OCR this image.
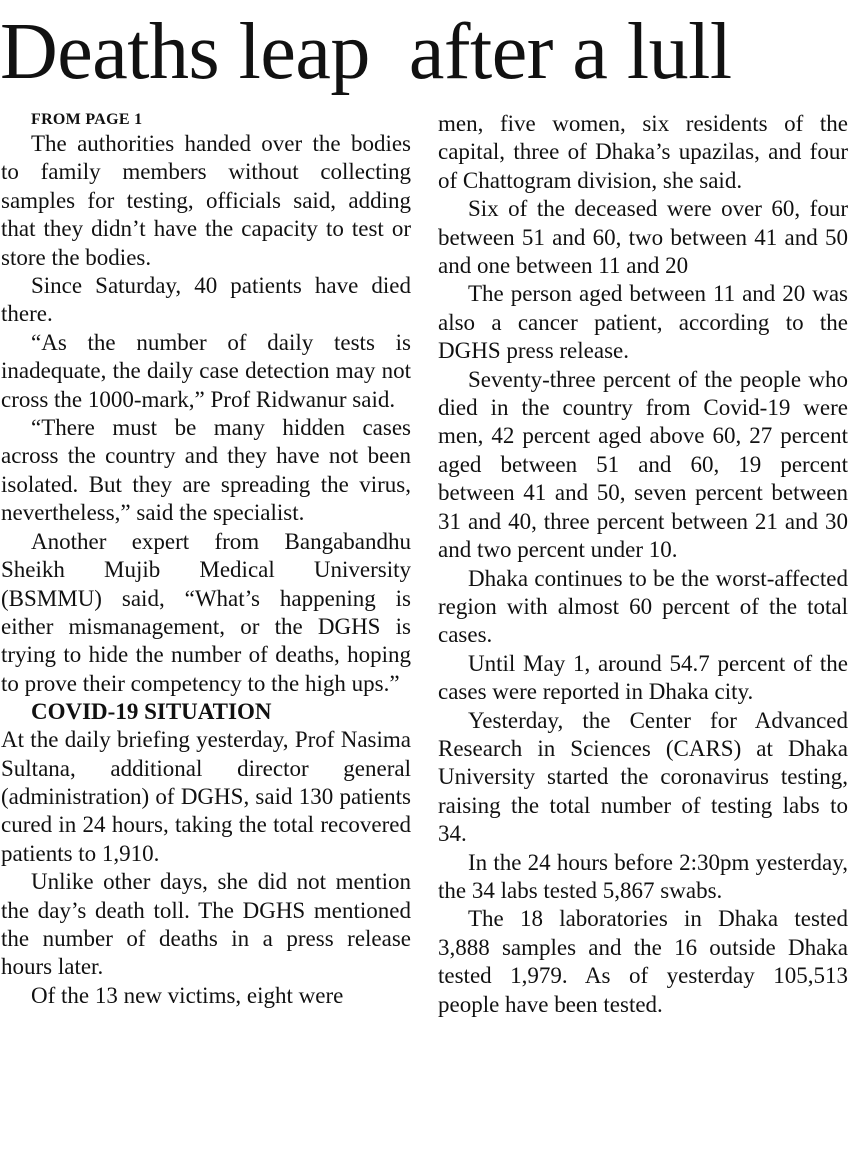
Deaths leap  after a lull

FROM PAGE 1

The authorities handed over the bodies to family members without collecting samples for testing, officials said, adding that they didn’t have the capacity to test or store the bodies.

Since Saturday, 40 patients have died there.

“As the number of daily tests is inadequate, the daily case detection may not cross the 1000-mark,” Prof Ridwanur said.

“There must be many hidden cases across the country and they have not been isolated. But they are spreading the virus, nevertheless,” said the specialist.

Another expert from Bangabandhu Sheikh Mujib Medical University (BSMMU) said, “What’s happening is either mismanagement, or the DGHS is trying to hide the number of deaths, hoping to prove their competency to the high ups.”

COVID-19 SITUATION

At the daily briefing yesterday, Prof Nasima Sultana, additional director general (administration) of DGHS, said 130 patients cured in 24 hours, taking the total recovered patients to 1,910.

Unlike other days, she did not mention the day’s death toll. The DGHS mentioned the number of deaths in a press release hours later.

Of the 13 new victims, eight were

men, five women, six residents of the capital, three of Dhaka’s upazilas, and four of Chattogram division, she said.

Six of the deceased were over 60, four between 51 and 60, two between 41 and 50 and one between 11 and 20

The person aged between 11 and 20 was also a cancer patient, according to the DGHS press release.

Seventy-three percent of the people who died in the country from Covid-19 were men, 42 percent aged above 60, 27 percent aged between 51 and 60, 19 percent between 41 and 50, seven percent between 31 and 40, three percent between 21 and 30 and two percent under 10.

Dhaka continues to be the worst-affected region with almost 60 percent of the total cases.

Until May 1, around 54.7 percent of the cases were reported in Dhaka city.

Yesterday, the Center for Advanced Research in Sciences (CARS) at Dhaka University started the coronavirus testing, raising the total number of testing labs to 34.

In the 24 hours before 2:30pm yesterday, the 34 labs tested 5,867 swabs.

The 18 laboratories in Dhaka tested 3,888 samples and the 16 outside Dhaka tested 1,979. As of yesterday 105,513 people have been tested.
